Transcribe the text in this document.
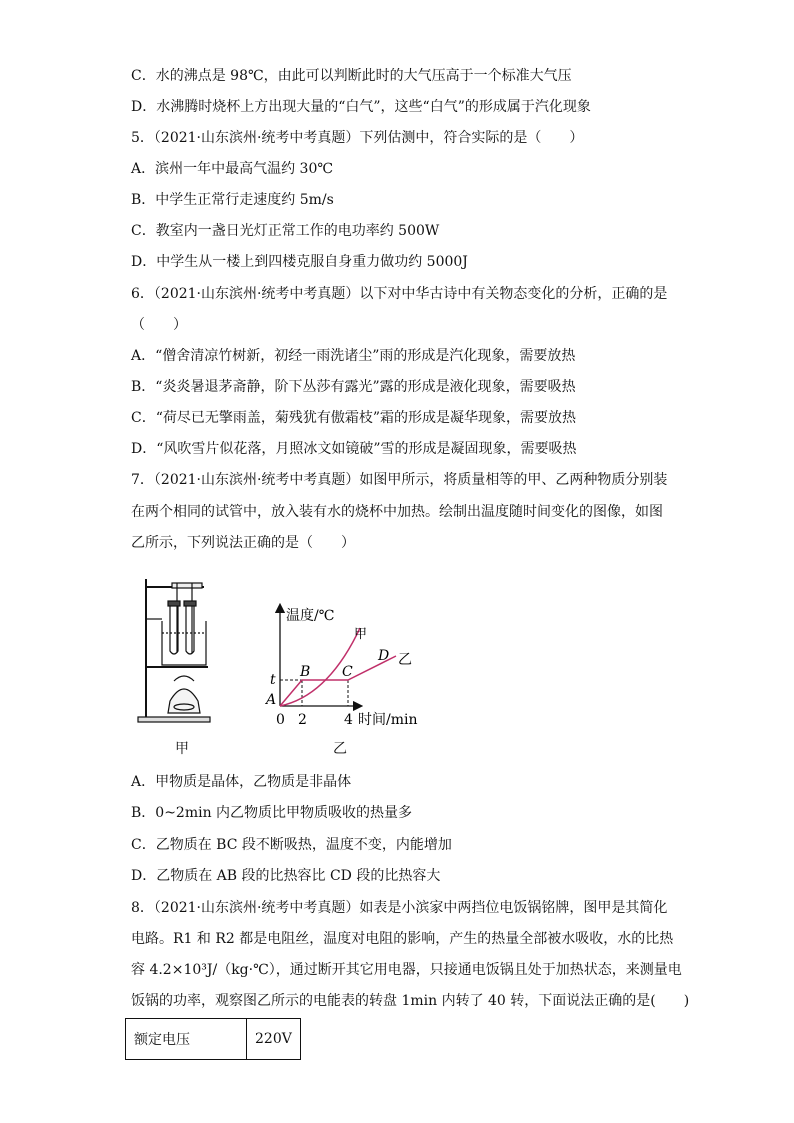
C．水的沸点是 98℃，由此可以判断此时的大气压高于一个标准大气压
D．水沸腾时烧杯上方出现大量的“白气”，这些“白气”的形成属于汽化现象
5．（2021·山东滨州·统考中考真题）下列估测中，符合实际的是（　　）
A．滨州一年中最高气温约 30℃
B．中学生正常行走速度约 5m/s
C．教室内一盏日光灯正常工作的电功率约 500W
D．中学生从一楼上到四楼克服自身重力做功约 5000J
6．（2021·山东滨州·统考中考真题）以下对中华古诗中有关物态变化的分析，正确的是
（　　）
A．“僧舍清凉竹树新，初经一雨洗诸尘”雨的形成是汽化现象，需要放热
B．“炎炎暑退茅斋静，阶下丛莎有露光”露的形成是液化现象，需要吸热
C．“荷尽已无擎雨盖，菊残犹有傲霜枝”霜的形成是凝华现象，需要放热
D．“风吹雪片似花落，月照冰文如镜破”雪的形成是凝固现象，需要吸热
7．（2021·山东滨州·统考中考真题）如图甲所示，将质量相等的甲、乙两种物质分别装
在两个相同的试管中，放入装有水的烧杯中加热。绘制出温度随时间变化的图像，如图
乙所示，下列说法正确的是（　　）
A．甲物质是晶体，乙物质是非晶体
B．0~2min 内乙物质比甲物质吸收的热量多
C．乙物质在 BC 段不断吸热，温度不变，内能增加
D．乙物质在 AB 段的比热容比 CD 段的比热容大
8．（2021·山东滨州·统考中考真题）如表是小滨家中两挡位电饭锅铭牌，图甲是其简化
电路。R1 和 R2 都是电阻丝，温度对电阻的影响，产生的热量全部被水吸收，水的比热
容 4.2×10³J/（kg·℃），通过断开其它用电器，只接通电饭锅且处于加热状态，来测量电
饭锅的功率，观察图乙所示的电能表的转盘 1min 内转了 40 转，下面说法正确的是(　　)
甲
温度/℃
时间/min
甲
乙
A
B C
D
t
0 2	4
乙
额定电压	220V
